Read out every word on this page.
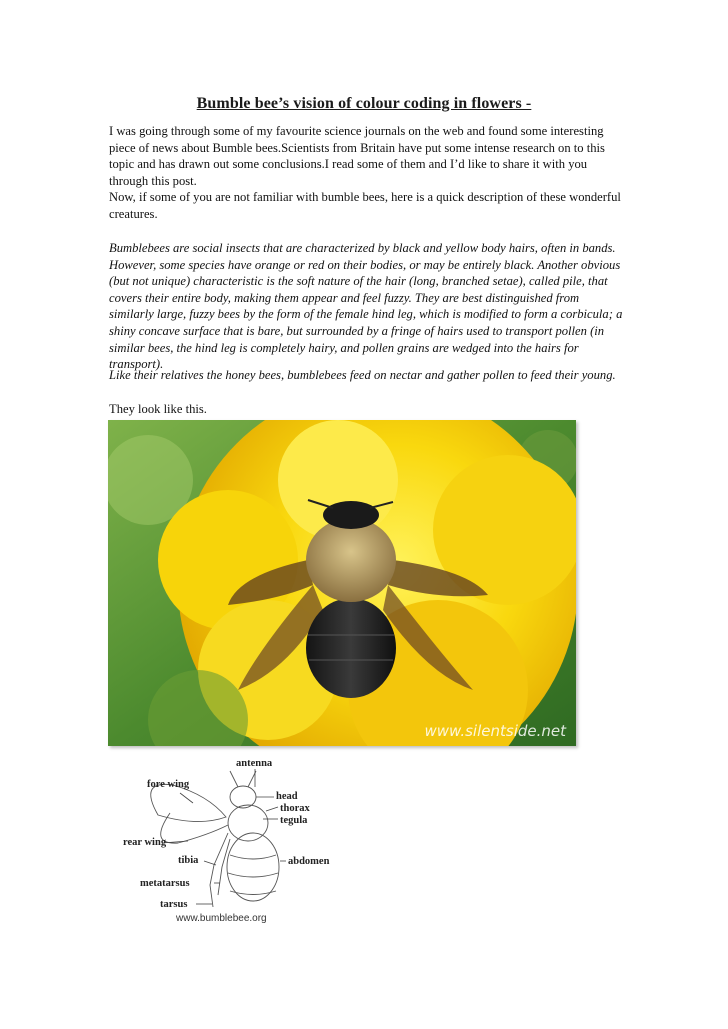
Bumble bee’s vision of colour coding in flowers -

I was going through some of my favourite science journals on the web and found some interesting piece of news about Bumble bees.Scientists from Britain have put some intense research on to this topic and has drawn out some conclusions.I read some of them and I’d like to share it with you through this post.

Now, if some of you are not familiar with bumble bees, here is a quick description of these wonderful creatures.

Bumblebees are social insects that are characterized by black and yellow body hairs, often in bands. However, some species have orange or red on their bodies, or may be entirely black. Another obvious (but not unique) characteristic is the soft nature of the hair (long, branched setae), called pile, that covers their entire body, making them appear and feel fuzzy. They are best distinguished from similarly large, fuzzy bees by the form of the female hind leg, which is modified to form a corbicula; a shiny concave surface that is bare, but surrounded by a fringe of hairs used to transport pollen (in similar bees, the hind leg is completely hairy, and pollen grains are wedged into the hairs for transport).

Like their relatives the honey bees, bumblebees feed on nectar and gather pollen to feed their young.

They look like this.

www.silentside.net
antenna
fore wing
head
thorax
tegula
rear wing
tibia	abdomen
metatarsus
tarsus
www.bumblebee.org
